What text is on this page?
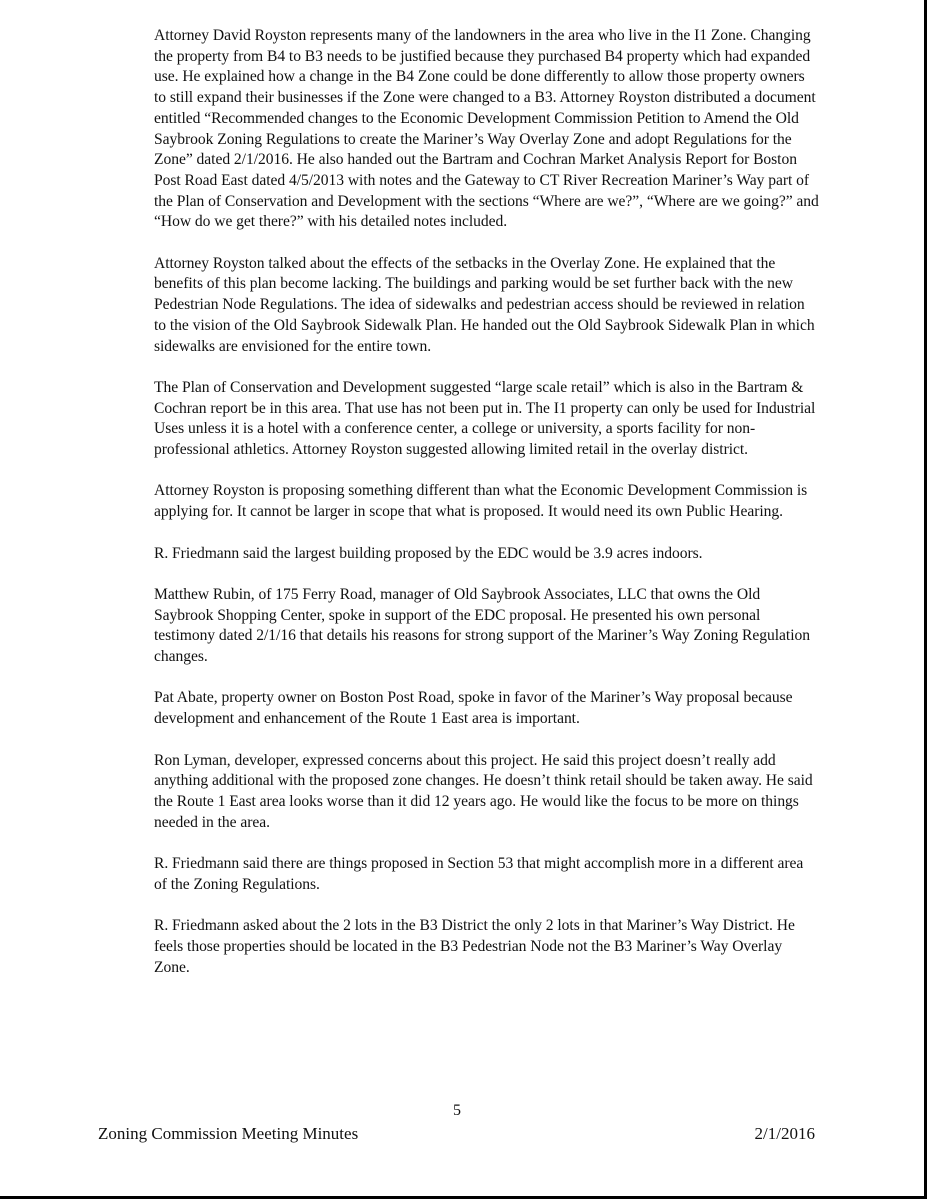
Attorney David Royston represents many of the landowners in the area who live in the I1 Zone. Changing the property from B4 to B3 needs to be justified because they purchased B4 property which had expanded use. He explained how a change in the B4 Zone could be done differently to allow those property owners to still expand their businesses if the Zone were changed to a B3. Attorney Royston distributed a document entitled “Recommended changes to the Economic Development Commission Petition to Amend the Old Saybrook Zoning Regulations to create the Mariner’s Way Overlay Zone and adopt Regulations for the Zone” dated 2/1/2016. He also handed out the Bartram and Cochran Market Analysis Report for Boston Post Road East dated 4/5/2013 with notes and the Gateway to CT River Recreation Mariner’s Way part of the Plan of Conservation and Development with the sections “Where are we?”, “Where are we going?” and “How do we get there?” with his detailed notes included.

Attorney Royston talked about the effects of the setbacks in the Overlay Zone. He explained that the benefits of this plan become lacking. The buildings and parking would be set further back with the new Pedestrian Node Regulations. The idea of sidewalks and pedestrian access should be reviewed in relation to the vision of the Old Saybrook Sidewalk Plan. He handed out the Old Saybrook Sidewalk Plan in which sidewalks are envisioned for the entire town.

The Plan of Conservation and Development suggested “large scale retail” which is also in the Bartram & Cochran report be in this area. That use has not been put in. The I1 property can only be used for Industrial Uses unless it is a hotel with a conference center, a college or university, a sports facility for non-professional athletics. Attorney Royston suggested allowing limited retail in the overlay district.

Attorney Royston is proposing something different than what the Economic Development Commission is applying for. It cannot be larger in scope that what is proposed. It would need its own Public Hearing.

R. Friedmann said the largest building proposed by the EDC would be 3.9 acres indoors.

Matthew Rubin, of 175 Ferry Road, manager of Old Saybrook Associates, LLC that owns the Old Saybrook Shopping Center, spoke in support of the EDC proposal. He presented his own personal testimony dated 2/1/16 that details his reasons for strong support of the Mariner’s Way Zoning Regulation changes.

Pat Abate, property owner on Boston Post Road, spoke in favor of the Mariner’s Way proposal because development and enhancement of the Route 1 East area is important.

Ron Lyman, developer, expressed concerns about this project. He said this project doesn’t really add anything additional with the proposed zone changes. He doesn’t think retail should be taken away. He said the Route 1 East area looks worse than it did 12 years ago. He would like the focus to be more on things needed in the area.

R. Friedmann said there are things proposed in Section 53 that might accomplish more in a different area of the Zoning Regulations.

R. Friedmann asked about the 2 lots in the B3 District the only 2 lots in that Mariner’s Way District. He feels those properties should be located in the B3 Pedestrian Node not the B3 Mariner’s Way Overlay Zone.

5
Zoning Commission Meeting Minutes	2/1/2016
